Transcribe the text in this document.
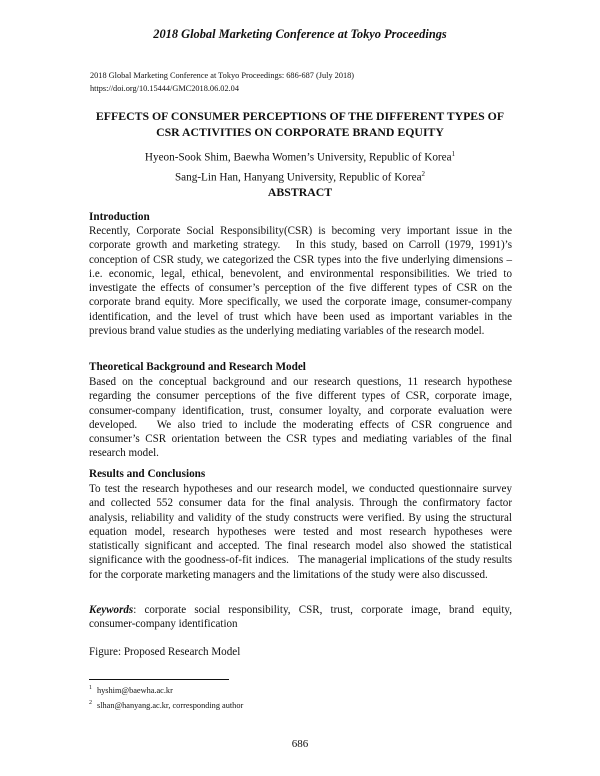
2018 Global Marketing Conference at Tokyo Proceedings
2018 Global Marketing Conference at Tokyo Proceedings: 686-687 (July 2018)
https://doi.org/10.15444/GMC2018.06.02.04
EFFECTS OF CONSUMER PERCEPTIONS OF THE DIFFERENT TYPES OF
CSR ACTIVITIES ON CORPORATE BRAND EQUITY
Hyeon-Sook Shim, Baewha Women’s University, Republic of Korea$^1$
Sang-Lin Han, Hanyang University, Republic of Korea$^2$
ABSTRACT
Introduction
Recently, Corporate Social Responsibility(CSR) is becoming very important issue in the corporate growth and marketing strategy.   In this study, based on Carroll (1979, 1991)’s conception of CSR study, we categorized the CSR types into the five underlying dimensions – i.e. economic, legal, ethical, benevolent, and environmental responsibilities. We tried to investigate the effects of consumer’s perception of the five different types of CSR on the corporate brand equity. More specifically, we used the corporate image, consumer-company identification, and the level of trust which have been used as important variables in the previous brand value studies as the underlying mediating variables of the research model.
Theoretical Background and Research Model
Based on the conceptual background and our research questions, 11 research hypothese regarding the consumer perceptions of the five different types of CSR, corporate image, consumer-company identification, trust, consumer loyalty, and corporate evaluation were developed.   We also tried to include the moderating effects of CSR congruence and consumer’s CSR orientation between the CSR types and mediating variables of the final research model.
Results and Conclusions
To test the research hypotheses and our research model, we conducted questionnaire survey and collected 552 consumer data for the final analysis. Through the confirmatory factor analysis, reliability and validity of the study constructs were verified. By using the structural equation model, research hypotheses were tested and most research hypotheses were statistically significant and accepted. The final research model also showed the statistical significance with the goodness-of-fit indices.   The managerial implications of the study results for the corporate marketing managers and the limitations of the study were also discussed.
Keywords: corporate social responsibility, CSR, trust, corporate image, brand equity, consumer-company identification
Figure: Proposed Research Model
$^1$ hyshim@baewha.ac.kr
$^2$ slhan@hanyang.ac.kr, corresponding author
686
